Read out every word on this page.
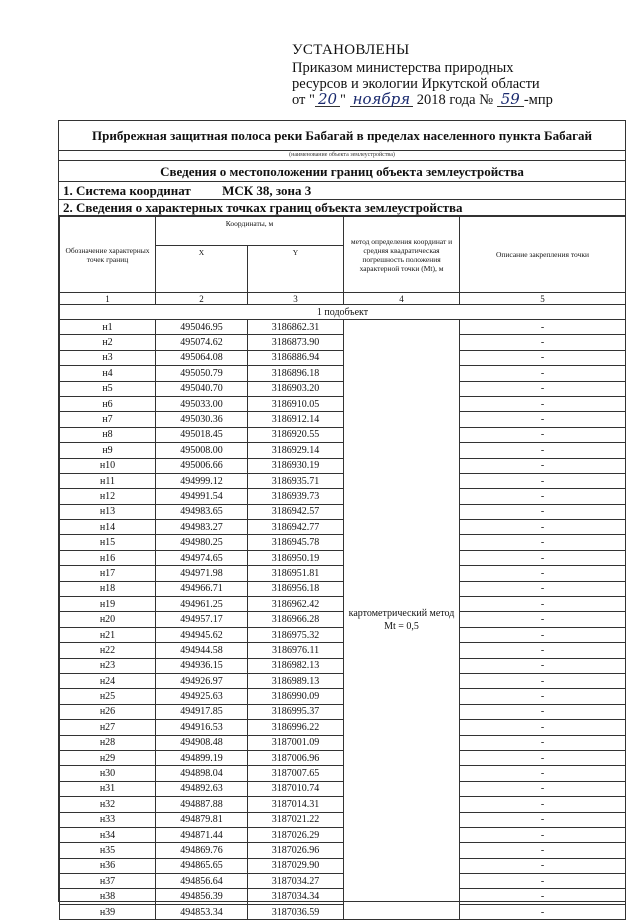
УСТАНОВЛЕНЫ
Приказом министерства природных
ресурсов и экологии Иркутской области
от " 20 " ноября 2018 года № 59 -мпр
Прибрежная защитная полоса реки Бабагай в пределах населенного пункта Бабагай
(наименование объекта землеустройства)
Сведения о местоположении границ объекта землеустройства
1. Система координат МСК 38, зона 3
2. Сведения о характерных точках границ объекта землеустройства
Обозначение характерных точек границ	Координаты, м		метод определения координат и средняя квадратическая погрешность положения характерной точки (Mt), м	Описание закрепления точки
	X	Y		
1	2	3	4	5
1 подобъект				
н1	495046.95	3186862.31	картометрический метод Mt = 0,5	-
н2	495074.62	3186873.90		-
н3	495064.08	3186886.94		-
н4	495050.79	3186896.18		-
н5	495040.70	3186903.20		-
н6	495033.00	3186910.05		-
н7	495030.36	3186912.14		-
н8	495018.45	3186920.55		-
н9	495008.00	3186929.14		-
н10	495006.66	3186930.19		-
н11	494999.12	3186935.71		-
н12	494991.54	3186939.73		-
н13	494983.65	3186942.57		-
н14	494983.27	3186942.77		-
н15	494980.25	3186945.78		-
н16	494974.65	3186950.19		-
н17	494971.98	3186951.81		-
н18	494966.71	3186956.18		-
н19	494961.25	3186962.42		-
н20	494957.17	3186966.28		-
н21	494945.62	3186975.32		-
н22	494944.58	3186976.11		-
н23	494936.15	3186982.13		-
н24	494926.97	3186989.13		-
н25	494925.63	3186990.09		-
н26	494917.85	3186995.37		-
н27	494916.53	3186996.22		-
н28	494908.48	3187001.09		-
н29	494899.19	3187006.96		-
н30	494898.04	3187007.65		-
н31	494892.63	3187010.74		-
н32	494887.88	3187014.31		-
н33	494879.81	3187021.22		-
н34	494871.44	3187026.29		-
н35	494869.76	3187026.96		-
н36	494865.65	3187029.90		-
н37	494856.64	3187034.27		-
н38	494856.39	3187034.34		-
н39	494853.34	3187036.59		-
